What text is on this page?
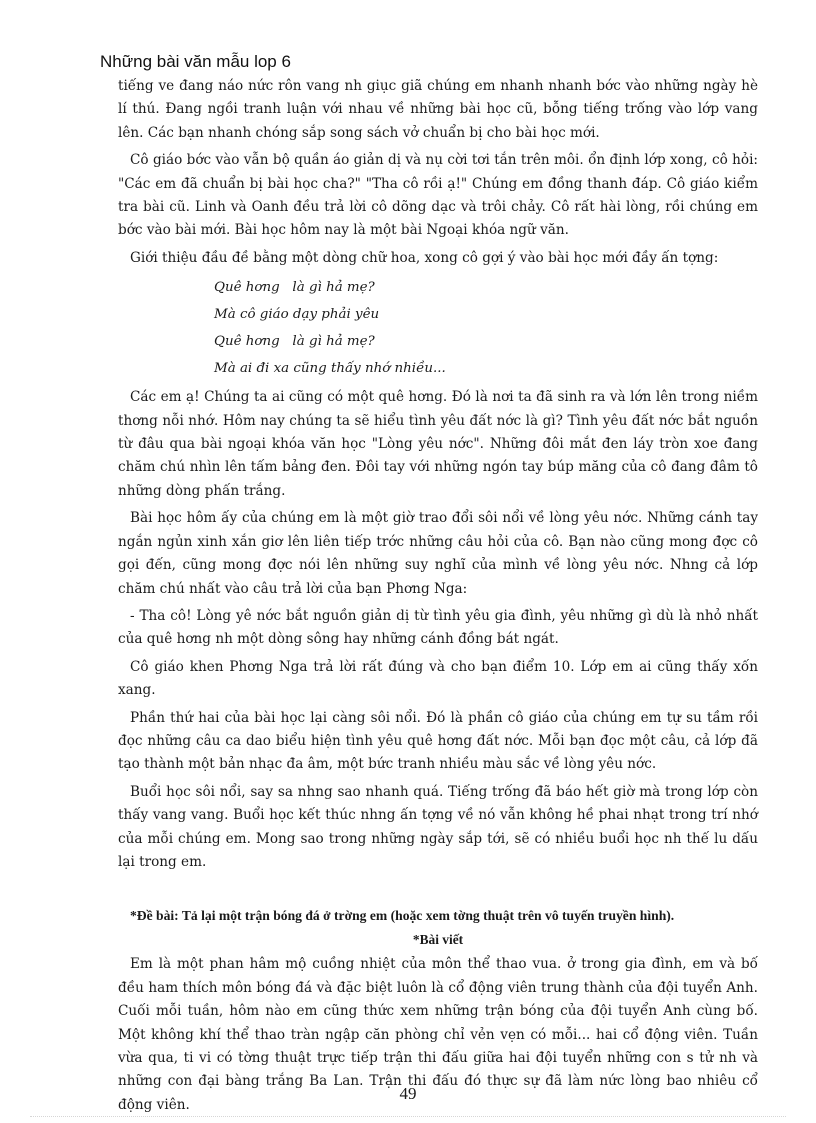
Những bài văn mẫu lop 6

tiếng ve đang náo nức rôn vang nh giục giã chúng em nhanh nhanh bớc vào những ngày hè lí thú. Đang ngồi tranh luận với nhau về những bài học cũ, bỗng tiếng trống vào lớp vang lên. Các bạn nhanh chóng sắp song sách vở chuẩn bị cho bài học mới.

Cô giáo bớc vào vẫn bộ quần áo giản dị và nụ cời tơi tắn trên môi. ổn định lớp xong, cô hỏi: "Các em đã chuẩn bị bài học cha?" "Tha cô rồi ạ!" Chúng em đồng thanh đáp. Cô giáo kiểm tra bài cũ. Linh và Oanh đều trả lời cô dõng dạc và trôi chảy. Cô rất hài lòng, rồi chúng em bớc vào bài mới. Bài học hôm nay là một bài Ngoại khóa ngữ văn.

Giới thiệu đầu đề bằng một dòng chữ hoa, xong cô gợi ý vào bài học mới đầy ấn tợng:

Quê hơng   là gì hả mẹ?
Mà cô giáo dạy phải yêu
Quê hơng   là gì hả mẹ?
Mà ai đi xa cũng thấy nhớ nhiều...

Các em ạ! Chúng ta ai cũng có một quê hơng. Đó là nơi ta đã sinh ra và lớn lên trong niềm thơng nỗi nhớ. Hôm nay chúng ta sẽ hiểu tình yêu đất nớc là gì? Tình yêu đất nớc bắt nguồn từ đâu qua bài ngoại khóa văn học "Lòng yêu nớc". Những đôi mắt đen láy tròn xoe đang chăm chú nhìn lên tấm bảng đen. Đôi tay với những ngón tay búp măng của cô đang đâm tô những dòng phấn trắng.

Bài học hôm ấy của chúng em là một giờ trao đổi sôi nổi về lòng yêu nớc. Những cánh tay ngắn ngủn xinh xắn giơ lên liên tiếp trớc những câu hỏi của cô. Bạn nào cũng mong đợc cô gọi đến, cũng mong đợc nói lên những suy nghĩ của mình về lòng yêu nớc. Nhng cả lớp chăm chú nhất vào câu trả lời của bạn Phơng Nga:

- Tha cô! Lòng yê nớc bắt nguồn giản dị từ tình yêu gia đình, yêu những gì dù là nhỏ nhất của quê hơng nh một dòng sông hay những cánh đồng bát ngát.

Cô giáo khen Phơng Nga trả lời rất đúng và cho bạn điểm 10. Lớp em ai cũng thấy xốn xang.

Phần thứ hai của bài học lại càng sôi nổi. Đó là phần cô giáo của chúng em tự su tầm rồi đọc những câu ca dao biểu hiện tình yêu quê hơng đất nớc. Mỗi bạn đọc một câu, cả lớp đã tạo thành một bản nhạc đa âm, một bức tranh nhiều màu sắc về lòng yêu nớc.

Buổi học sôi nổi, say sa nhng sao nhanh quá. Tiếng trống đã báo hết giờ mà trong lớp còn thấy vang vang. Buổi học kết thúc nhng ấn tợng về nó vẫn không hề phai nhạt trong trí nhớ của mỗi chúng em. Mong sao trong những ngày sắp tới, sẽ có nhiều buổi học nh thế lu dấu lại trong em.

*Đề bài: Tả lại một trận bóng đá ở trờng em (hoặc xem tờng thuật trên vô tuyến truyền hình).

*Bài viết

Em là một phan hâm mộ cuồng nhiệt của môn thể thao vua. ở trong gia đình, em và bố đều ham thích môn bóng đá và đặc biệt luôn là cổ động viên trung thành của đội tuyển Anh. Cuối mỗi tuần, hôm nào em cũng thức xem những trận bóng của đội tuyển Anh cùng bố. Một không khí thể thao tràn ngập căn phòng chỉ vẻn vẹn có mỗi... hai cổ động viên. Tuần vừa qua, ti vi có tờng thuật trực tiếp trận thi đấu giữa hai đội tuyển những con s tử nh và những con đại bàng trắng Ba Lan. Trận thi đấu đó thực sự đã làm nức lòng bao nhiêu cổ động viên.

49
